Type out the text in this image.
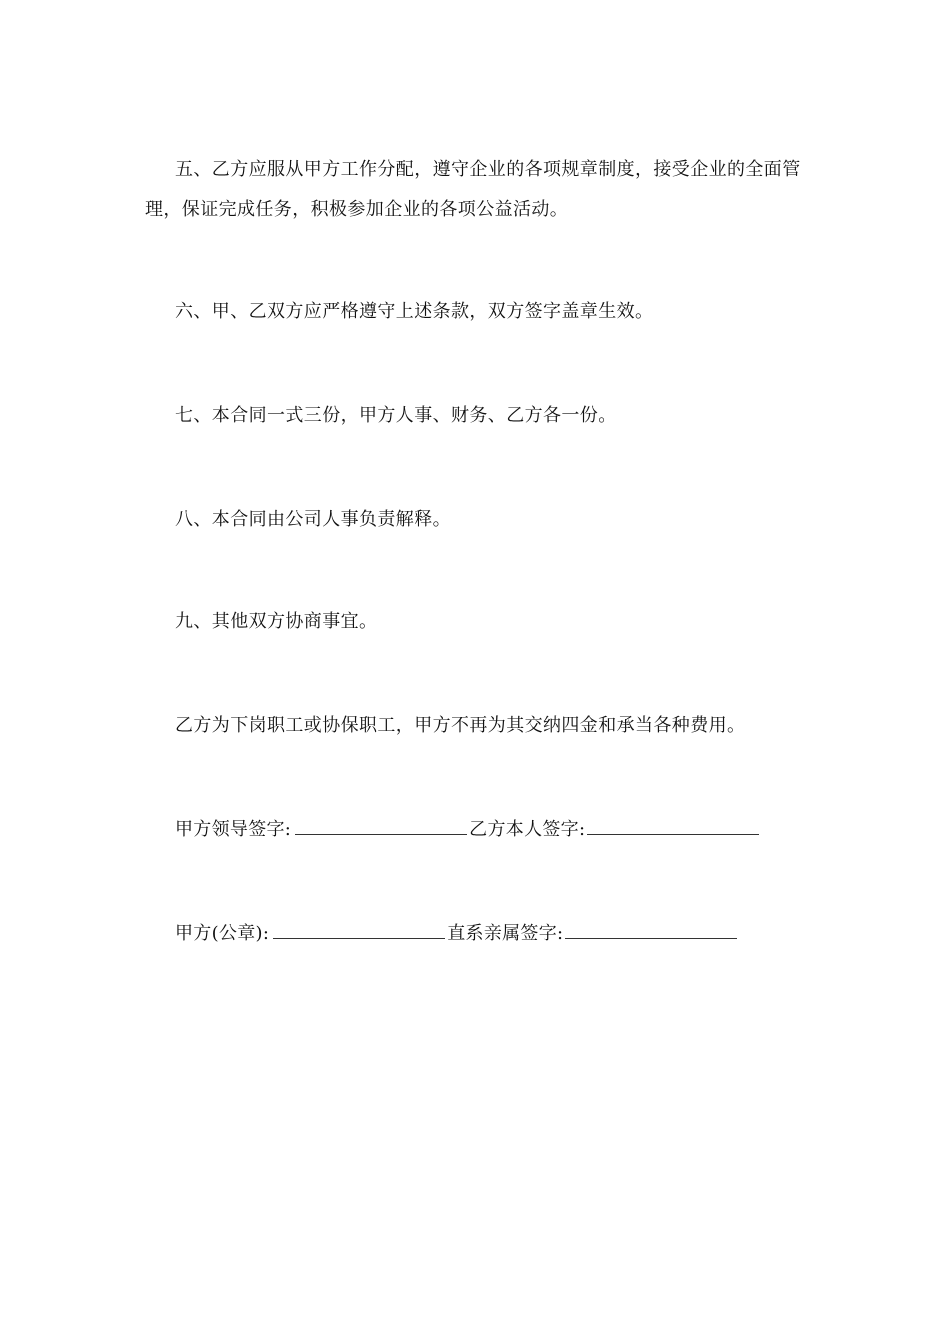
五、乙方应服从甲方工作分配，遵守企业的各项规章制度，接受企业的全面管理，保证完成任务，积极参加企业的各项公益活动。

六、甲、乙双方应严格遵守上述条款，双方签字盖章生效。

七、本合同一式三份，甲方人事、财务、乙方各一份。

八、本合同由公司人事负责解释。

九、其他双方协商事宜。

乙方为下岗职工或协保职工，甲方不再为其交纳四金和承当各种费用。

甲方领导签字:	乙方本人签字:
甲方(公章):	直系亲属签字:
